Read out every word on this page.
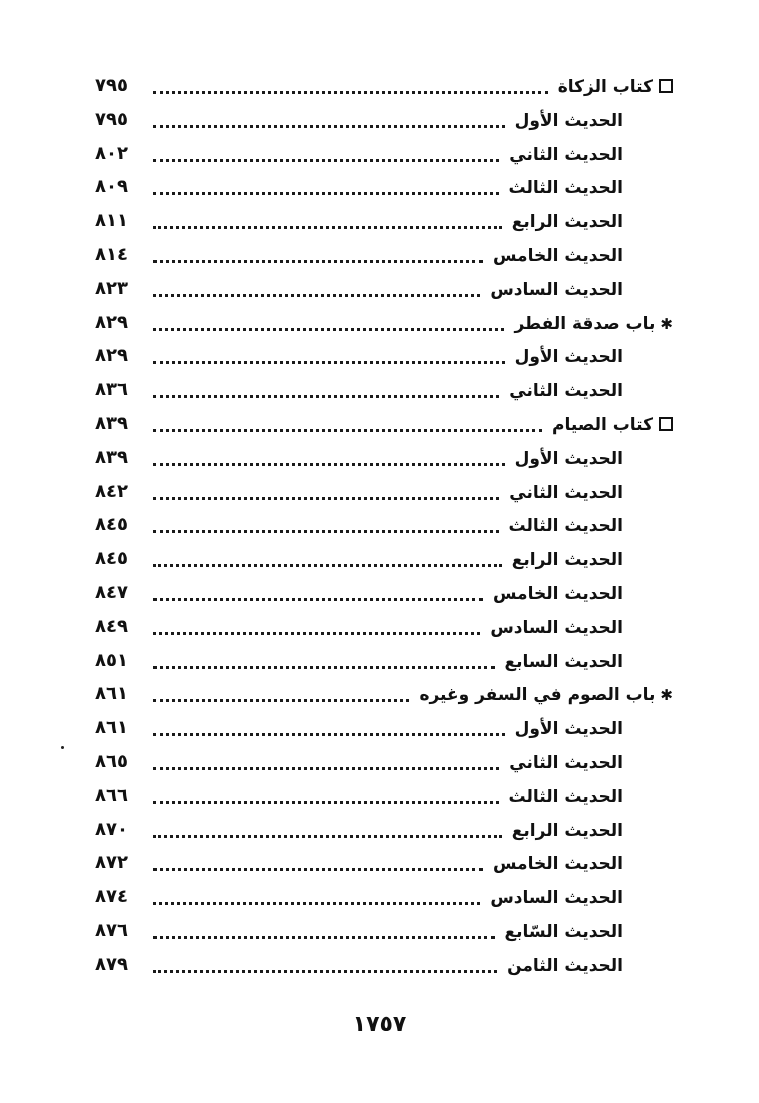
٧٩٥	كتاب الزكاة
٧٩٥	الحديث الأول
٨٠٢	الحديث الثاني
٨٠٩	الحديث الثالث
٨١١	الحديث الرابع
٨١٤	الحديث الخامس
٨٢٣	الحديث السادس
٨٢٩	✱باب صدقة الفطر
٨٢٩	الحديث الأول
٨٣٦	الحديث الثاني
٨٣٩	كتاب الصيام
٨٣٩	الحديث الأول
٨٤٢	الحديث الثاني
٨٤٥	الحديث الثالث
٨٤٥	الحديث الرابع
٨٤٧	الحديث الخامس
٨٤٩	الحديث السادس
٨٥١	الحديث السابع
٨٦١	✱باب الصوم في السفر وغيره
٨٦١	الحديث الأول
٨٦٥	الحديث الثاني
٨٦٦	الحديث الثالث
٨٧٠	الحديث الرابع
٨٧٢	الحديث الخامس
٨٧٤	الحديث السادس
٨٧٦	الحديث السّابع
٨٧٩	الحديث الثامن
١٧٥٧
